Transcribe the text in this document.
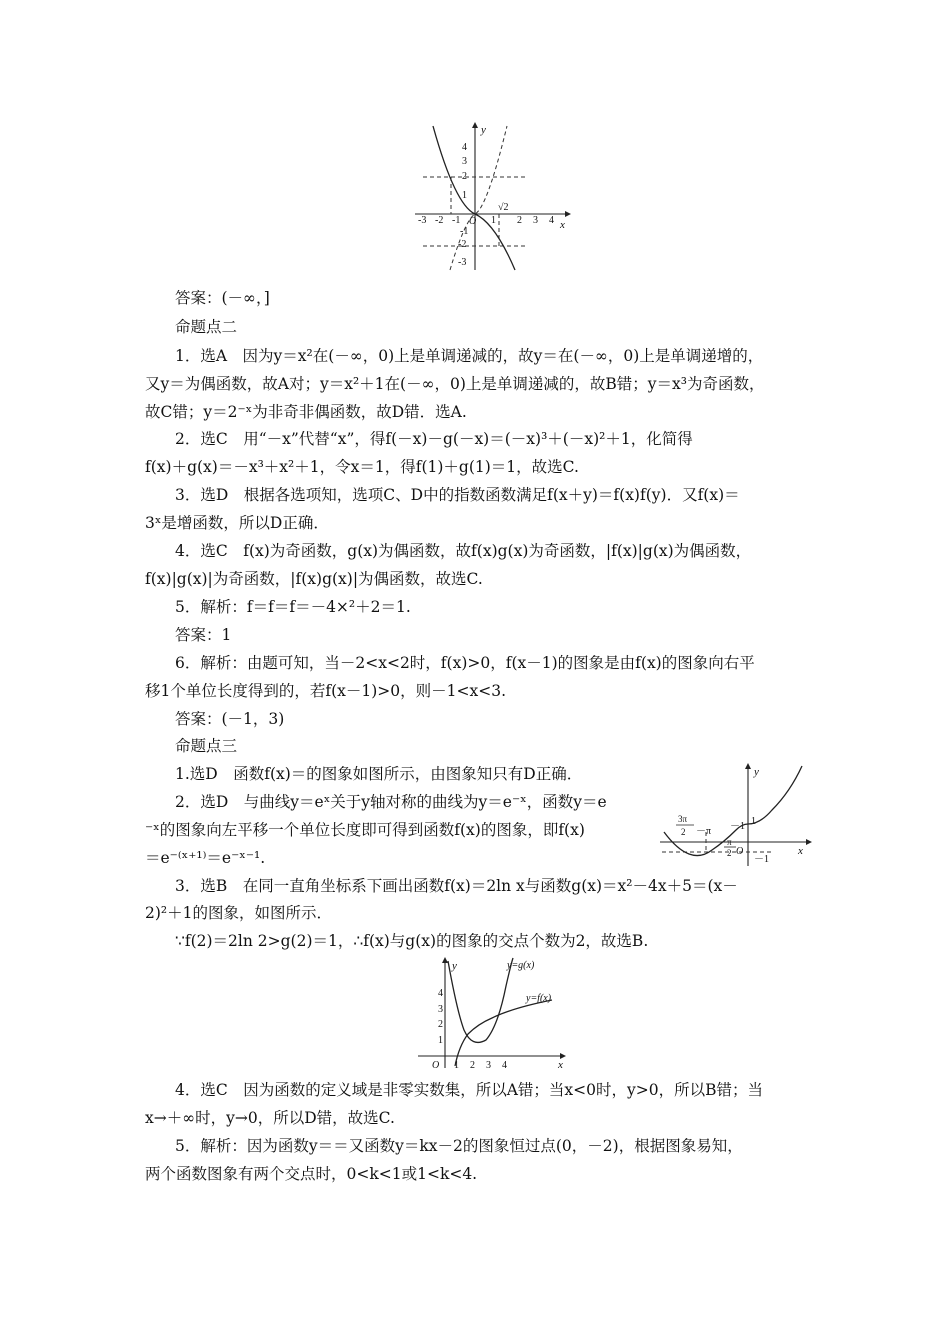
y
x
O
4
3
2
1
-1
-2
-3
-3 -2 -1	1 2 3 4
√2
答案：(－∞，]
命题点二
1．选A　因为y＝x²在(－∞，0)上是单调递减的，故y＝在(－∞，0)上是单调递增的，
又y＝为偶函数，故A对；y＝x²＋1在(－∞，0)上是单调递减的，故B错；y＝x³为奇函数，
故C错；y＝2⁻ˣ为非奇非偶函数，故D错．选A.
2．选C　用“－x”代替“x”，得f(－x)－g(－x)＝(－x)³＋(－x)²＋1，化简得
f(x)＋g(x)＝－x³＋x²＋1，令x＝1，得f(1)＋g(1)＝1，故选C.
3．选D　根据各选项知，选项C、D中的指数函数满足f(x＋y)＝f(x)f(y)．又f(x)＝
3ˣ是增函数，所以D正确．
4．选C　f(x)为奇函数，g(x)为偶函数，故f(x)g(x)为奇函数，|f(x)|g(x)为偶函数，
f(x)|g(x)|为奇函数，|f(x)g(x)|为偶函数，故选C.
5．解析：f＝f＝f＝－4×²＋2＝1.
答案：1
6．解析：由题可知，当－2<x<2时，f(x)>0，f(x－1)的图象是由f(x)的图象向右平
移1个单位长度得到的，若f(x－1)>0，则－1<x<3.
答案：(－1，3)
命题点三
1.选D　函数f(x)＝的图象如图所示，由图象知只有D正确．
2．选D　与曲线y＝eˣ关于y轴对称的曲线为y＝e⁻ˣ，函数y＝e
⁻ˣ的图象向左平移一个单位长度即可得到函数f(x)的图象，即f(x)
＝e⁻⁽ˣ⁺¹⁾＝e⁻ˣ⁻¹.
y
x
O
3π
2 －π
π
2
1
－1
－1
3．选B　在同一直角坐标系下画出函数f(x)＝2ln x与函数g(x)＝x²－4x＋5＝(x－
2)²＋1的图象，如图所示．
∵f(2)＝2ln 2>g(2)＝1，∴f(x)与g(x)的图象的交点个数为2，故选B.
y
x
O
4
3
2
1
1 2 3 4
y=g(x)
y=f(x)
4．选C　因为函数的定义域是非零实数集，所以A错；当x<0时，y>0，所以B错；当
x→＋∞时，y→0，所以D错，故选C.
5．解析：因为函数y＝＝又函数y＝kx－2的图象恒过点(0，－2)，根据图象易知，
两个函数图象有两个交点时，0<k<1或1<k<4.
